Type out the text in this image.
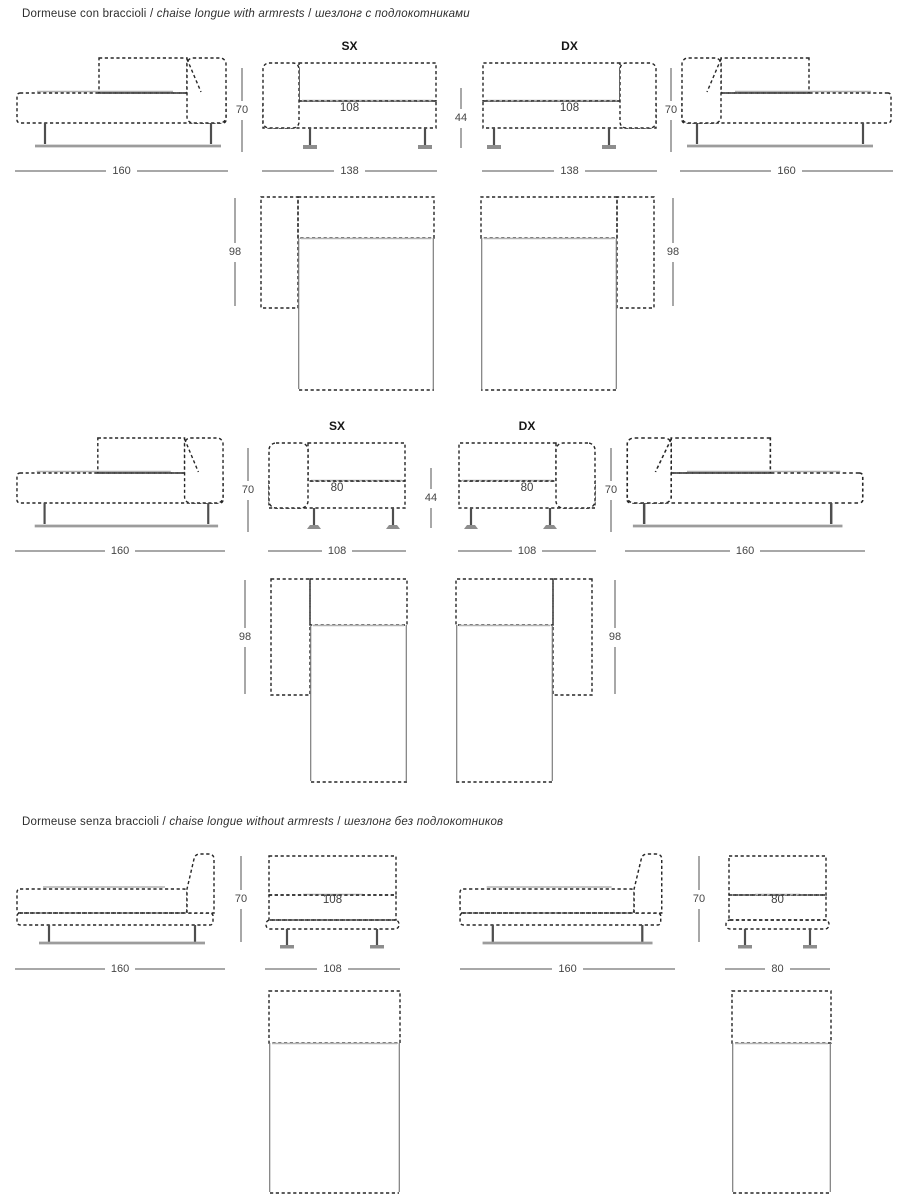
Dormeuse con braccioli / chaise longue with armrests / шезлонг с подлокотниками
SX	DX
70	108
44
108	70
160	138	138	160
98	98
SX	DX
70	80
44
80	70
160	108	108	160
98	98
Dormeuse senza braccioli / chaise longue without armrests / шезлонг без подлокотников
70	108	70	80
160	108	160	80
